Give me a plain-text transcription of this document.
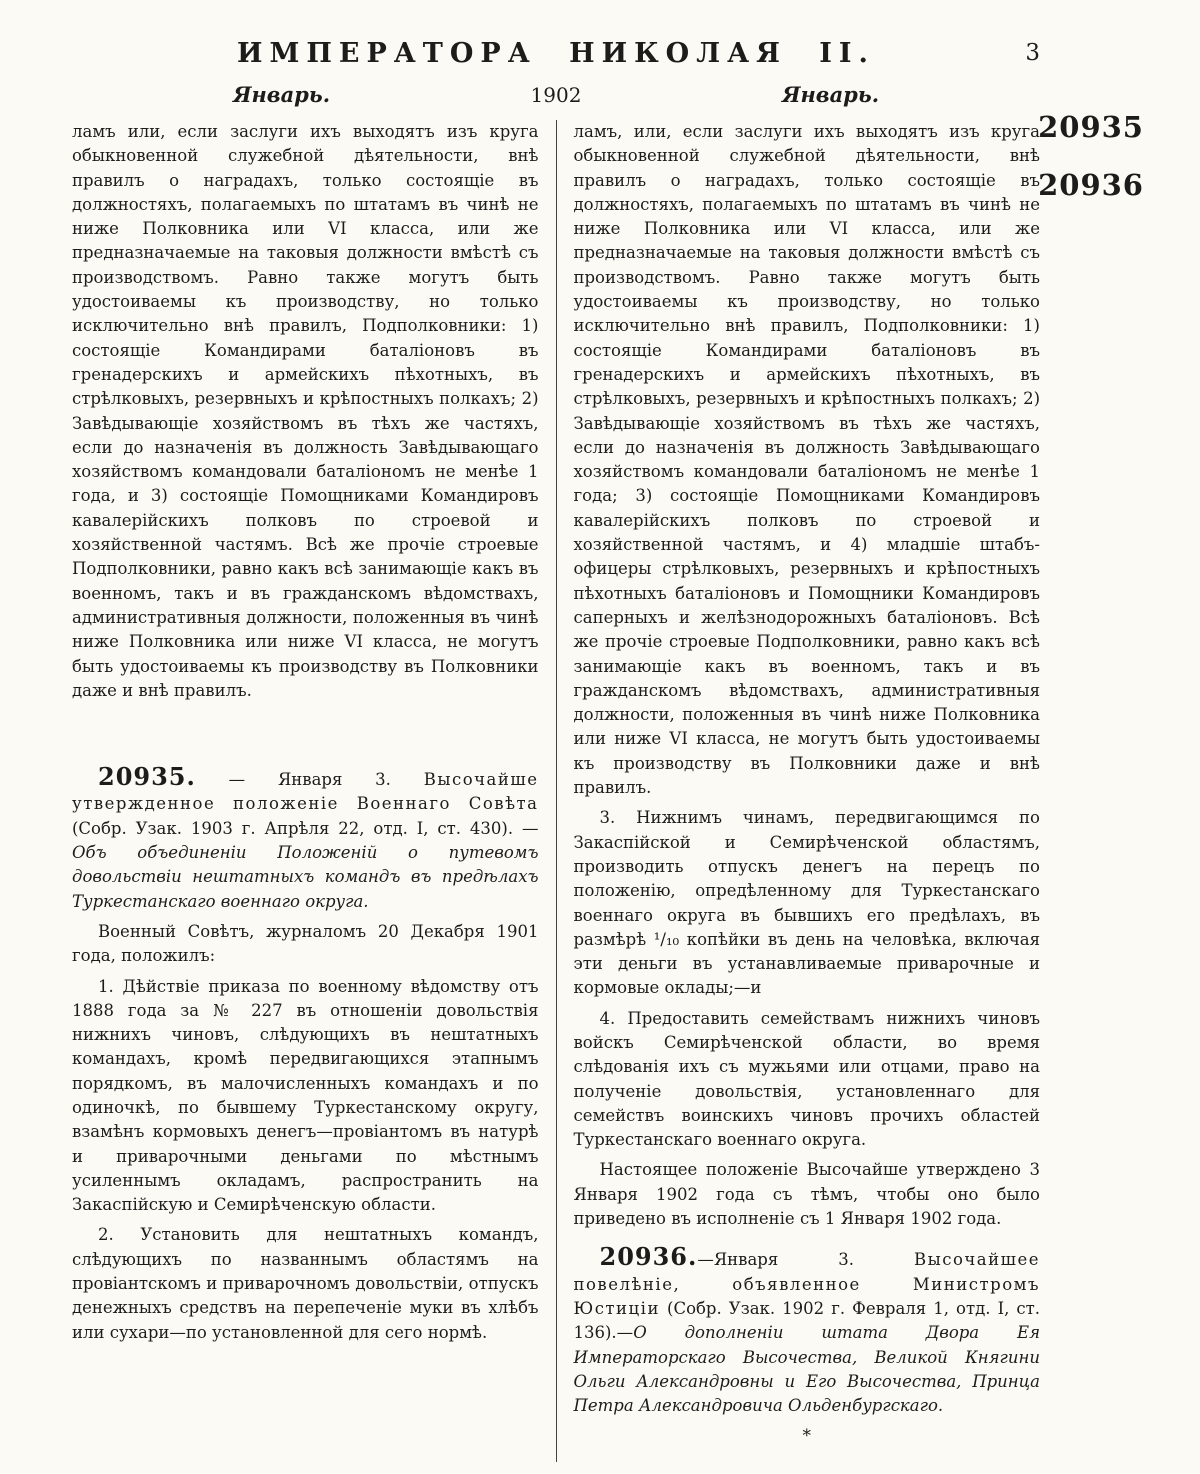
ИМПЕРАТОРА НИКОЛАЯ II.	3
Январь.	1902	Январь.
20935
20936

ламъ или, если заслуги ихъ выходятъ изъ круга обыкновенной служебной дѣятельности, внѣ правилъ о наградахъ, только состоящіе въ должностяхъ, полагаемыхъ по штатамъ въ чинѣ не ниже Полковника или VI класса, или же предназначаемые на таковыя должности вмѣстѣ съ производствомъ. Равно также могутъ быть удостоиваемы къ производству, но только исключительно внѣ правилъ, Подполковники: 1) состоящіе Командирами баталіоновъ въ гренадерскихъ и армейскихъ пѣхотныхъ, въ стрѣлковыхъ, резервныхъ и крѣпостныхъ полкахъ; 2) Завѣдывающіе хозяйствомъ въ тѣхъ же частяхъ, если до назначенія въ должность Завѣдывающаго хозяйствомъ командовали баталіономъ не менѣе 1 года, и 3) состоящіе Помощниками Командировъ кавалерійскихъ полковъ по строевой и хозяйственной частямъ. Всѣ же прочіе строевые Подполковники, равно какъ всѣ занимающіе какъ въ военномъ, такъ и въ гражданскомъ вѣдомствахъ, административныя должности, положенныя въ чинѣ ниже Полковника или ниже VI класса, не могутъ быть удостоиваемы къ производству въ Полковники даже и внѣ правилъ.

20935. — Января 3. Высочайше утвержденное положеніе Военнаго Совѣта (Собр. Узак. 1903 г. Апрѣля 22, отд. I, ст. 430). — Объ объединеніи Положеній о путевомъ довольствіи нештатныхъ командъ въ предѣлахъ Туркестанскаго военнаго округа.

Военный Совѣтъ, журналомъ 20 Декабря 1901 года, положилъ:

1. Дѣйствіе приказа по военному вѣдомству отъ 1888 года за № 227 въ отношеніи довольствія нижнихъ чиновъ, слѣдующихъ въ нештатныхъ командахъ, кромѣ передвигающихся этапнымъ порядкомъ, въ малочисленныхъ командахъ и по одиночкѣ, по бывшему Туркестанскому округу, взамѣнъ кормовыхъ денегъ—провіантомъ въ натурѣ и приварочными деньгами по мѣстнымъ усиленнымъ окладамъ, распространить на Закаспійскую и Семирѣченскую области.

2. Установить для нештатныхъ командъ, слѣдующихъ по названнымъ областямъ на провіантскомъ и приварочномъ довольствіи, отпускъ денежныхъ средствъ на перепеченіе муки въ хлѣбъ или сухари—по установленной для сего нормѣ.

ламъ, или, если заслуги ихъ выходятъ изъ круга обыкновенной служебной дѣятельности, внѣ правилъ о наградахъ, только состоящіе въ должностяхъ, полагаемыхъ по штатамъ въ чинѣ не ниже Полковника или VI класса, или же предназначаемые на таковыя должности вмѣстѣ съ производствомъ. Равно также могутъ быть удостоиваемы къ производству, но только исключительно внѣ правилъ, Подполковники: 1) состоящіе Командирами баталіоновъ въ гренадерскихъ и армейскихъ пѣхотныхъ, въ стрѣлковыхъ, резервныхъ и крѣпостныхъ полкахъ; 2) Завѣдывающіе хозяйствомъ въ тѣхъ же частяхъ, если до назначенія въ должность Завѣдывающаго хозяйствомъ командовали баталіономъ не менѣе 1 года; 3) состоящіе Помощниками Командировъ кавалерійскихъ полковъ по строевой и хозяйственной частямъ, и 4) младшіе штабъ-офицеры стрѣлковыхъ, резервныхъ и крѣпостныхъ пѣхотныхъ баталіоновъ и Помощники Командировъ саперныхъ и желѣзнодорожныхъ баталіоновъ. Всѣ же прочіе строевые Подполковники, равно какъ всѣ занимающіе какъ въ военномъ, такъ и въ гражданскомъ вѣдомствахъ, административныя должности, положенныя въ чинѣ ниже Полковника или ниже VI класса, не могутъ быть удостоиваемы къ производству въ Полковники даже и внѣ правилъ.

3. Нижнимъ чинамъ, передвигающимся по Закаспійской и Семирѣченской областямъ, производить отпускъ денегъ на перецъ по положенію, опредѣленному для Туркестанскаго военнаго округа въ бывшихъ его предѣлахъ, въ размѣрѣ ¹/₁₀ копѣйки въ день на человѣка, включая эти деньги въ устанавливаемые приварочные и кормовые оклады;—и

4. Предоставить семействамъ нижнихъ чиновъ войскъ Семирѣченской области, во время слѣдованія ихъ съ мужьями или отцами, право на полученіе довольствія, установленнаго для семействъ воинскихъ чиновъ прочихъ областей Туркестанскаго военнаго округа.

Настоящее положеніе Высочайше утверждено 3 Января 1902 года съ тѣмъ, чтобы оно было приведено въ исполненіе съ 1 Января 1902 года.

20936.—Января 3. Высочайшее повелѣніе, объявленное Министромъ Юстиціи (Собр. Узак. 1902 г. Февраля 1, отд. I, ст. 136).—О дополненіи штата Двора Ея Императорскаго Высочества, Великой Княгини Ольги Александровны и Его Высочества, Принца Петра Александровича Ольденбургскаго.

*
